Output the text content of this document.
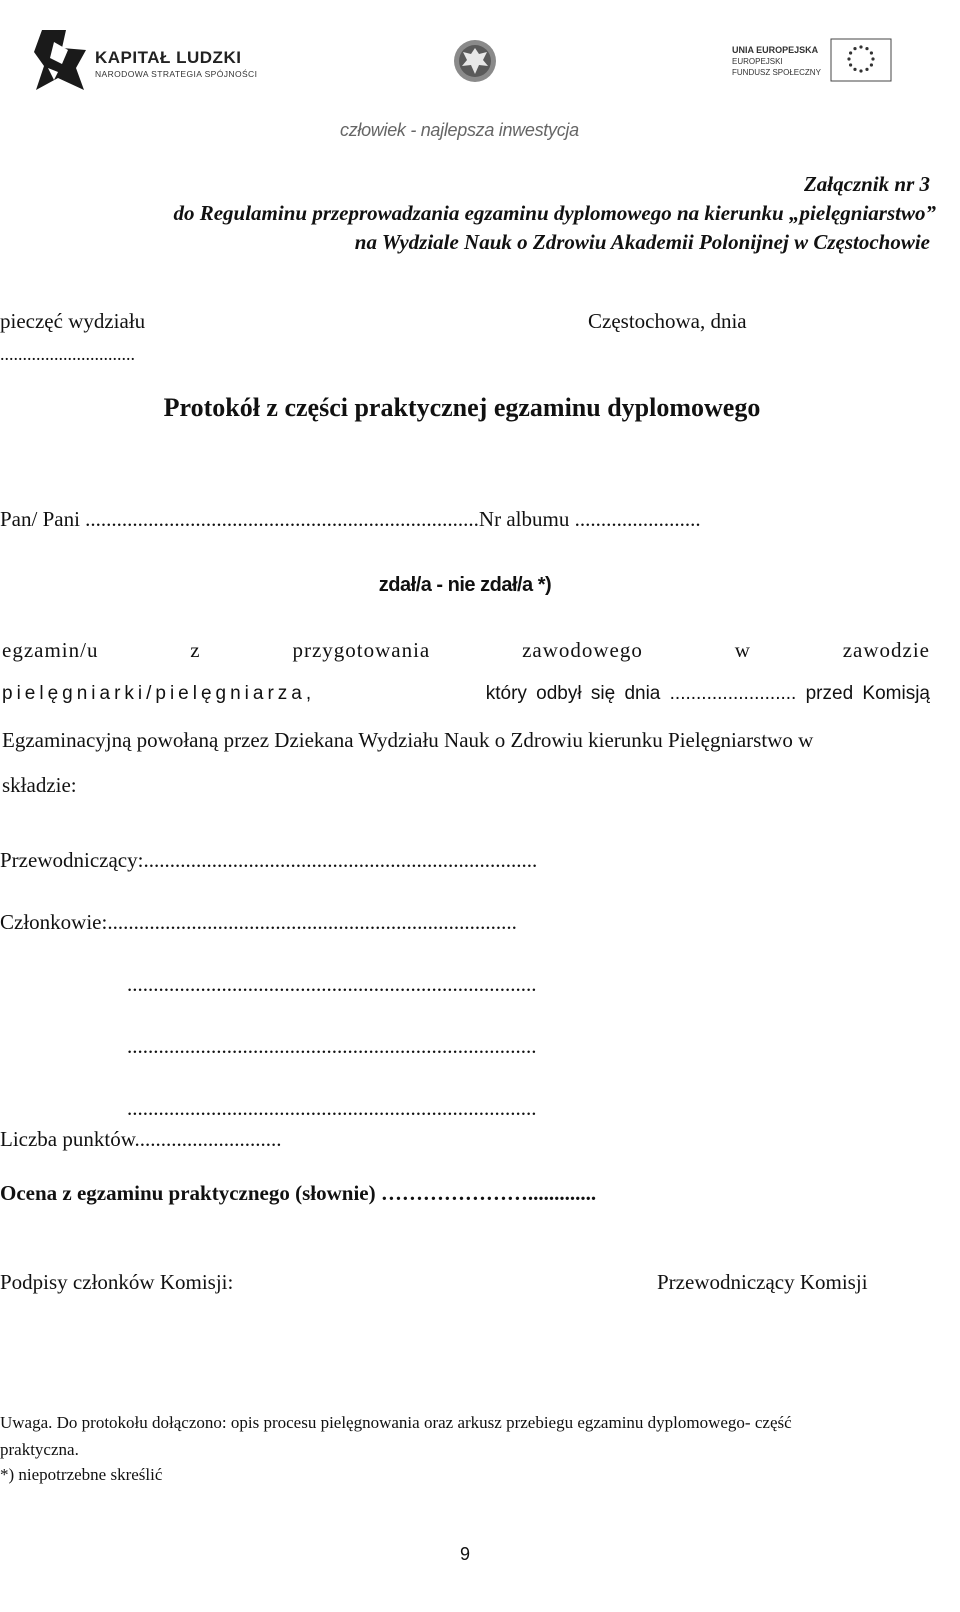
KAPITAŁ LUDZKI
NARODOWA STRATEGIA SPÓJNOŚCI
UNIA EUROPEJSKA
EUROPEJSKI
FUNDUSZ SPOŁECZNY
człowiek - najlepsza inwestycja
Załącznik nr 3
do Regulaminu przeprowadzania egzaminu dyplomowego na kierunku „pielęgniarstwo”
na Wydziale Nauk o Zdrowiu Akademii Polonijnej w Częstochowie
pieczęć wydziału
..............................
Częstochowa, dnia
Protokół z części praktycznej egzaminu dyplomowego
Pan/ Pani ...........................................................................Nr albumu ........................
zdał/a - nie zdał/a *)
egzamin/u	z	przygotowania	zawodowego	w	zawodzie
pielęgniarki/pielęgniarza,	który odbył się dnia ........................ przed Komisją
Egzaminacyjną powołaną przez Dziekana Wydziału Nauk o Zdrowiu kierunku Pielęgniarstwo w
składzie:
Przewodniczący:...........................................................................
Członkowie:..............................................................................
..............................................................................
..............................................................................
..............................................................................
Liczba punktów............................
Ocena z egzaminu praktycznego (słownie) ………………….............
Podpisy członków Komisji:	Przewodniczący Komisji
Uwaga. Do protokołu dołączono: opis procesu pielęgnowania oraz arkusz przebiegu egzaminu dyplomowego- część
praktyczna.
*) niepotrzebne skreślić
9
